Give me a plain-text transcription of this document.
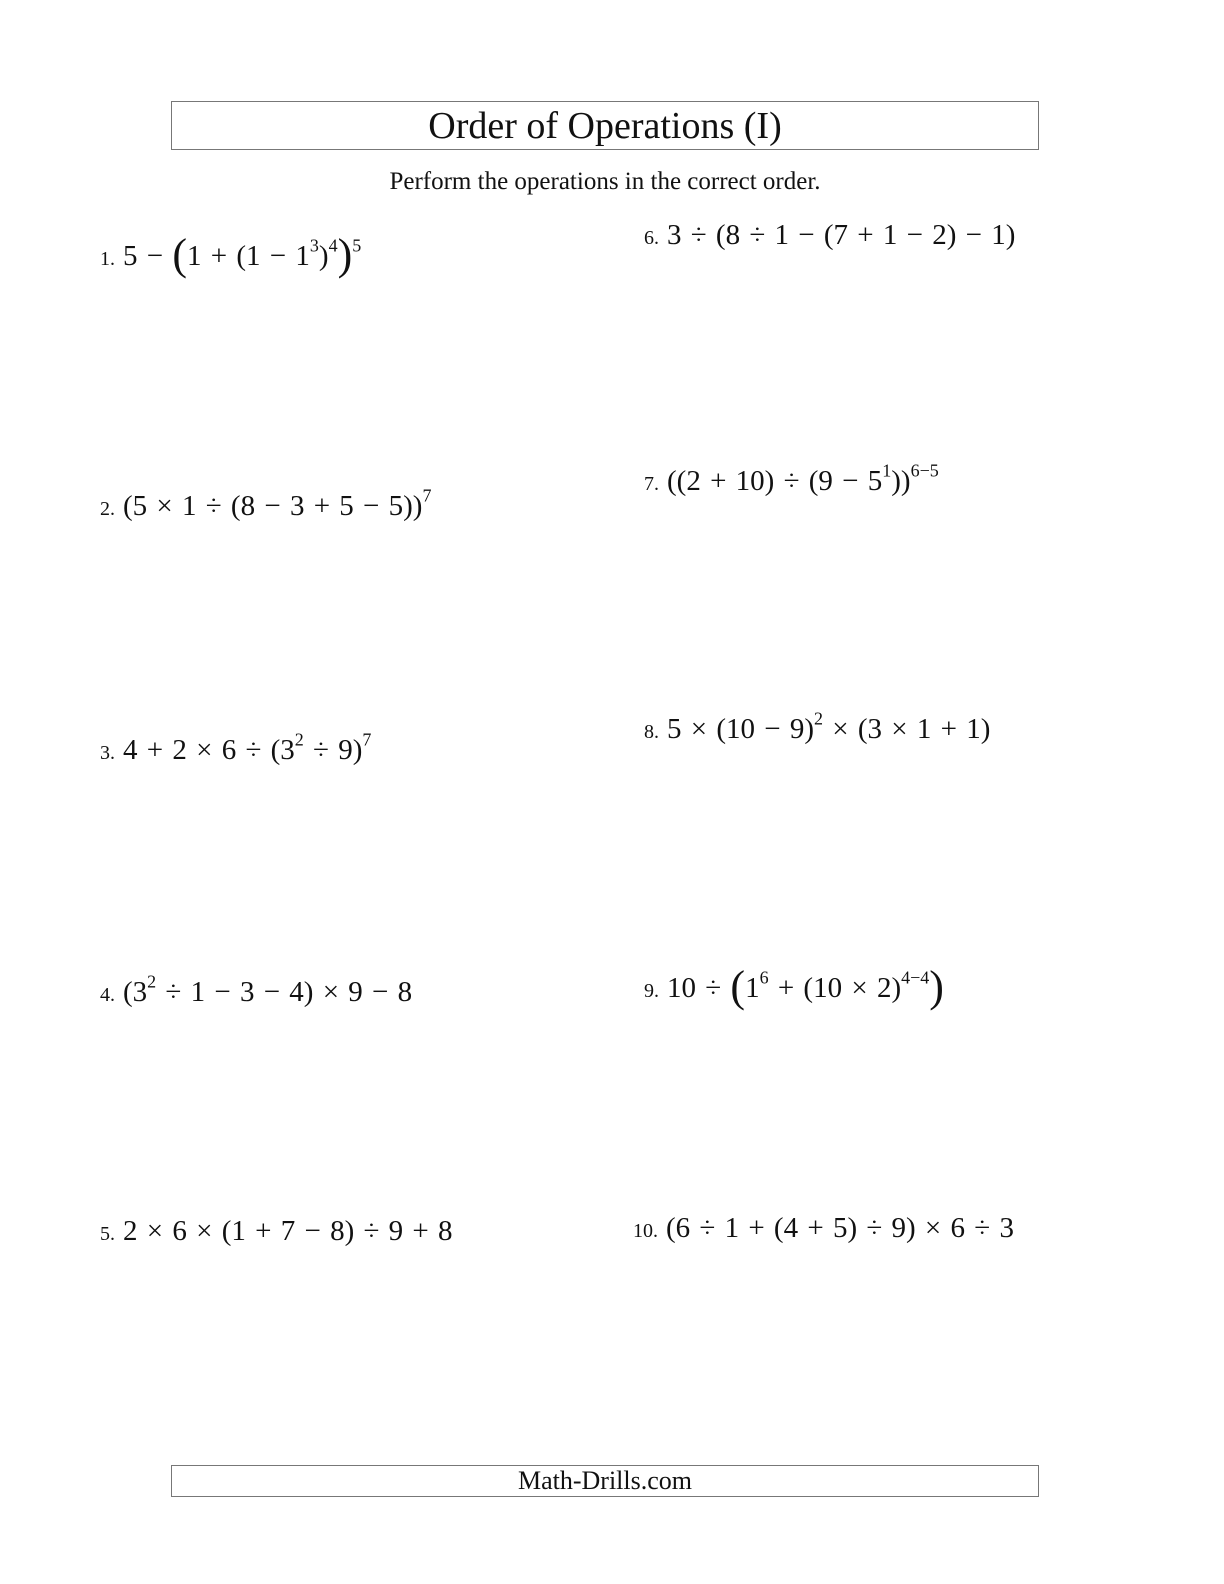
Order of Operations (I)
Perform the operations in the correct order.
1. $5 - (1 + (1 - 1^3)^4)^5$
2. $(5 \times 1 \div (8 - 3 + 5 - 5))^7$
3. $4 + 2 \times 6 \div (3^2 \div 9)^7$
4. $(3^2 \div 1 - 3 - 4) \times 9 - 8$
5. 2 × 6 × (1 + 7 − 8) ÷ 9 + 8
6. 3 ÷ (8 ÷ 1 − (7 + 1 − 2) − 1)
7. $((2 + 10) \div (9 - 5^1))^{6-5}$
8. $5 \times (10 - 9)^2 \times (3 \times 1 + 1)$
9. $10 \div (1^6 + (10 \times 2)^{4-4})$
10. (6 ÷ 1 + (4 + 5) ÷ 9) × 6 ÷ 3
Math-Drills.com
